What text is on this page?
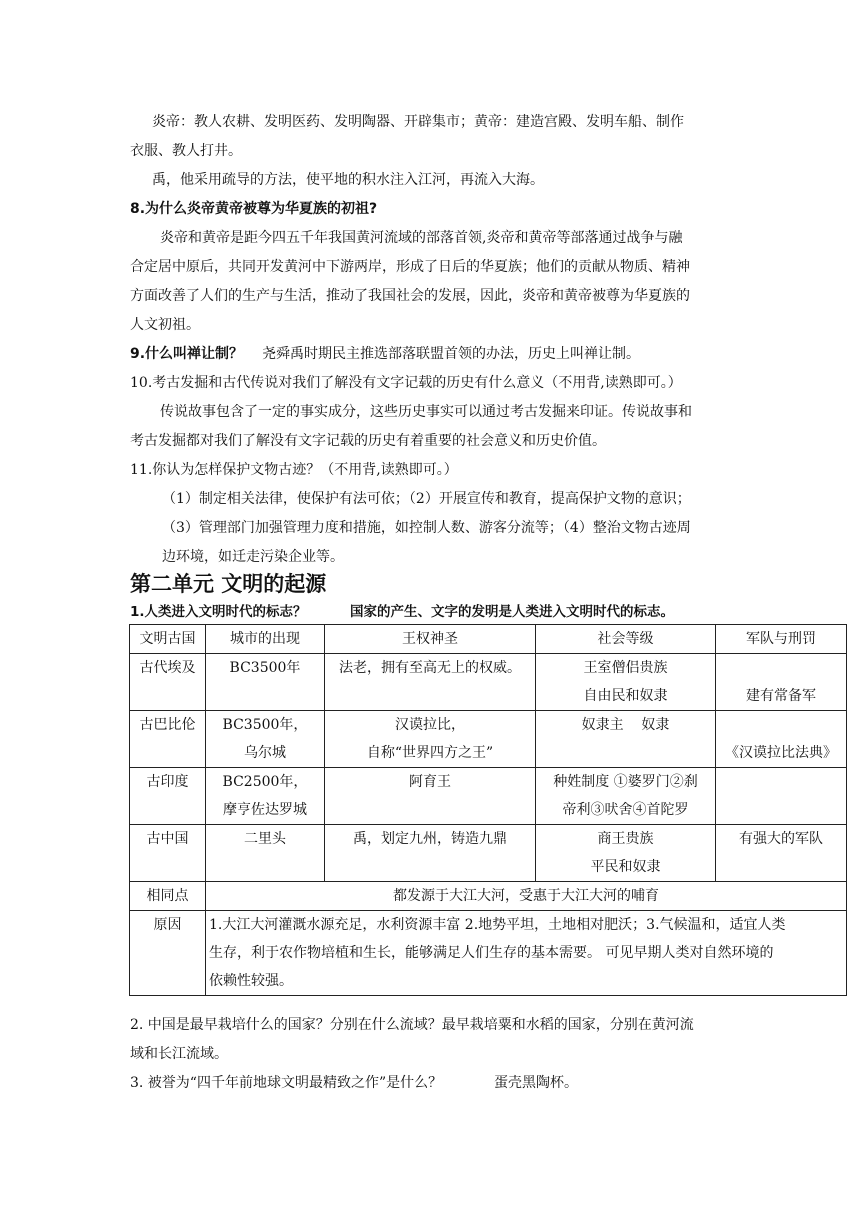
炎帝：教人农耕、发明医药、发明陶器、开辟集市；黄帝：建造宫殿、发明车船、制作
衣服、教人打井。
禹，他采用疏导的方法，使平地的积水注入江河，再流入大海。
8.为什么炎帝黄帝被尊为华夏族的初祖?
炎帝和黄帝是距今四五千年我国黄河流域的部落首领,炎帝和黄帝等部落通过战争与融
合定居中原后，共同开发黄河中下游两岸，形成了日后的华夏族；他们的贡献从物质、精神
方面改善了人们的生产与生活，推动了我国社会的发展，因此，炎帝和黄帝被尊为华夏族的
人文初祖。
9.什么叫禅让制？ 尧舜禹时期民主推选部落联盟首领的办法，历史上叫禅让制。
10.考古发掘和古代传说对我们了解没有文字记载的历史有什么意义（不用背,读熟即可。）
传说故事包含了一定的事实成分，这些历史事实可以通过考古发掘来印证。传说故事和
考古发掘都对我们了解没有文字记载的历史有着重要的社会意义和历史价值。
11.你认为怎样保护文物古迹？（不用背,读熟即可。）
（1）制定相关法律，使保护有法可依；（2）开展宣传和教育，提高保护文物的意识；
（3）管理部门加强管理力度和措施，如控制人数、游客分流等；（4）整治文物古迹周
边环境，如迁走污染企业等。
第二单元 文明的起源
1.人类进入文明时代的标志？	国家的产生、文字的发明是人类进入文明时代的标志。
文明古国	城市的出现	王权神圣	社会等级	军队与刑罚
古代埃及	BC3500年	法老，拥有至高无上的权威。	王室僧侣贵族
自由民和奴隶	建有常备军

古巴比伦	BC3500年，
乌尔城	汉谟拉比，
自称“世界四方之王”	奴隶主    奴隶	《汉谟拉比法典》

古印度	BC2500年，
摩亨佐达罗城	阿育王	种姓制度 ①婆罗门②刹
帝利③吠舍④首陀罗	

古中国	二里头	禹，划定九州，铸造九鼎	商王贵族
平民和奴隶	有强大的军队

相同点	都发源于大江大河，受惠于大江大河的哺育			
原因	1.大江大河灌溉水源充足，水利资源丰富 2.地势平坦，土地相对肥沃；3.气候温和，适宜人类
生存，利于农作物培植和生长，能够满足人们生存的基本需要。 可见早期人类对自然环境的
依赖性较强。			
2. 中国是最早栽培什么的国家？分别在什么流域？最早栽培粟和水稻的国家，分别在黄河流
域和长江流域。
3. 被誉为“四千年前地球文明最精致之作”是什么？	蛋壳黑陶杯。
